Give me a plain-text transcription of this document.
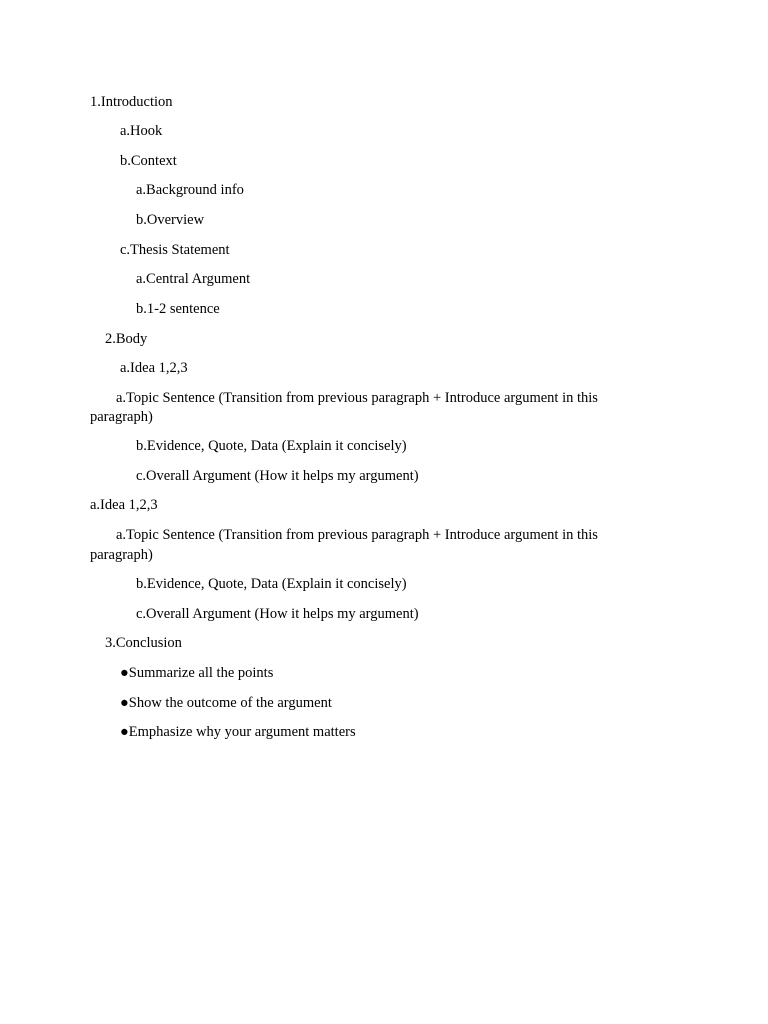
1.Introduction
a.Hook
b.Context
a.Background info
b.Overview
c.Thesis Statement
a.Central Argument
b.1-2 sentence
2.Body
a.Idea 1,2,3
a.Topic Sentence (Transition from previous paragraph + Introduce argument in this
paragraph)
b.Evidence, Quote, Data (Explain it concisely)
c.Overall Argument (How it helps my argument)
a.Idea 1,2,3
a.Topic Sentence (Transition from previous paragraph + Introduce argument in this
paragraph)
b.Evidence, Quote, Data (Explain it concisely)
c.Overall Argument (How it helps my argument)
3.Conclusion
●Summarize all the points
●Show the outcome of the argument
●Emphasize why your argument matters
